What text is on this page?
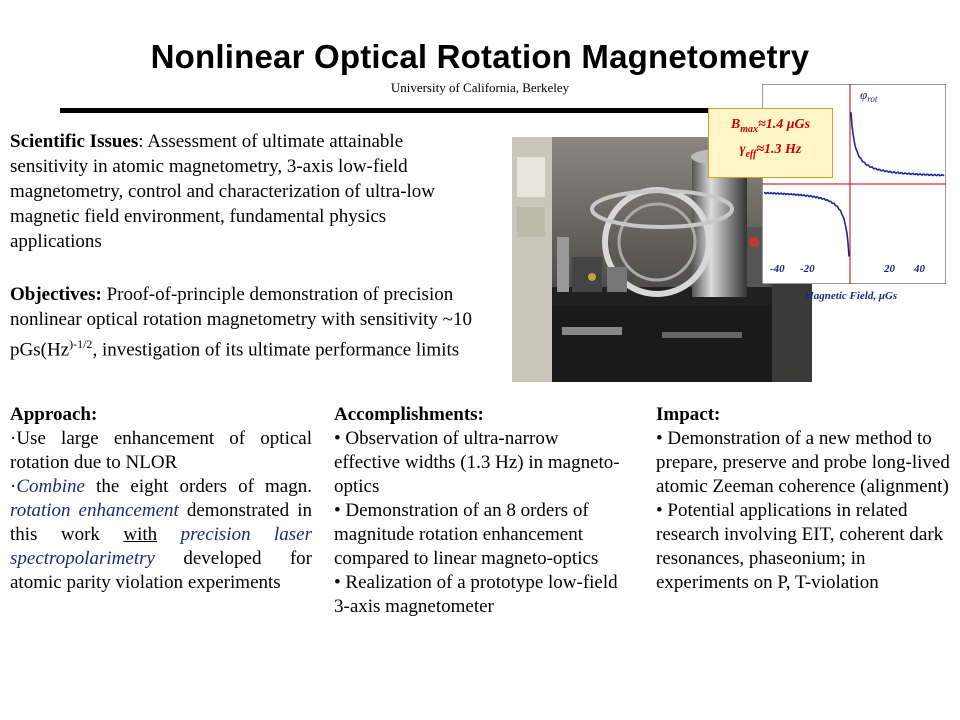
Nonlinear Optical Rotation Magnetometry
University of California, Berkeley
Scientific Issues: Assessment of ultimate attainable sensitivity in atomic magnetometry, 3-axis low-field magnetometry, control and characterization of ultra-low magnetic field environment, fundamental physics applications
Objectives: Proof-of-principle demonstration of precision nonlinear optical rotation magnetometry with sensitivity ~10 $pGs(Hz^{)-1/2}$, investigation of its ultimate performance limits
$\varphi_{rot}$
-40 -20	20 40
Magnetic Field, μGs
$B_{max}\approx 1.4$ μGs
$\gamma_{eff}\approx 1.3$ Hz
Approach:
·Use large enhancement of optical rotation due to NLOR
·Combine the eight orders of magn. rotation enhancement demonstrated in this work with precision laser spectropolarimetry developed for atomic parity violation experiments
Accomplishments:
• Observation of ultra-narrow effective widths (1.3 Hz) in magneto-optics
• Demonstration of an 8 orders of magnitude rotation enhancement compared to linear magneto-optics
• Realization of a prototype low-field 3-axis magnetometer
Impact:
• Demonstration of a new method to prepare, preserve and probe long-lived atomic Zeeman coherence (alignment)
• Potential applications in related research involving EIT, coherent dark resonances, phaseonium; in experiments on P, T-violation
